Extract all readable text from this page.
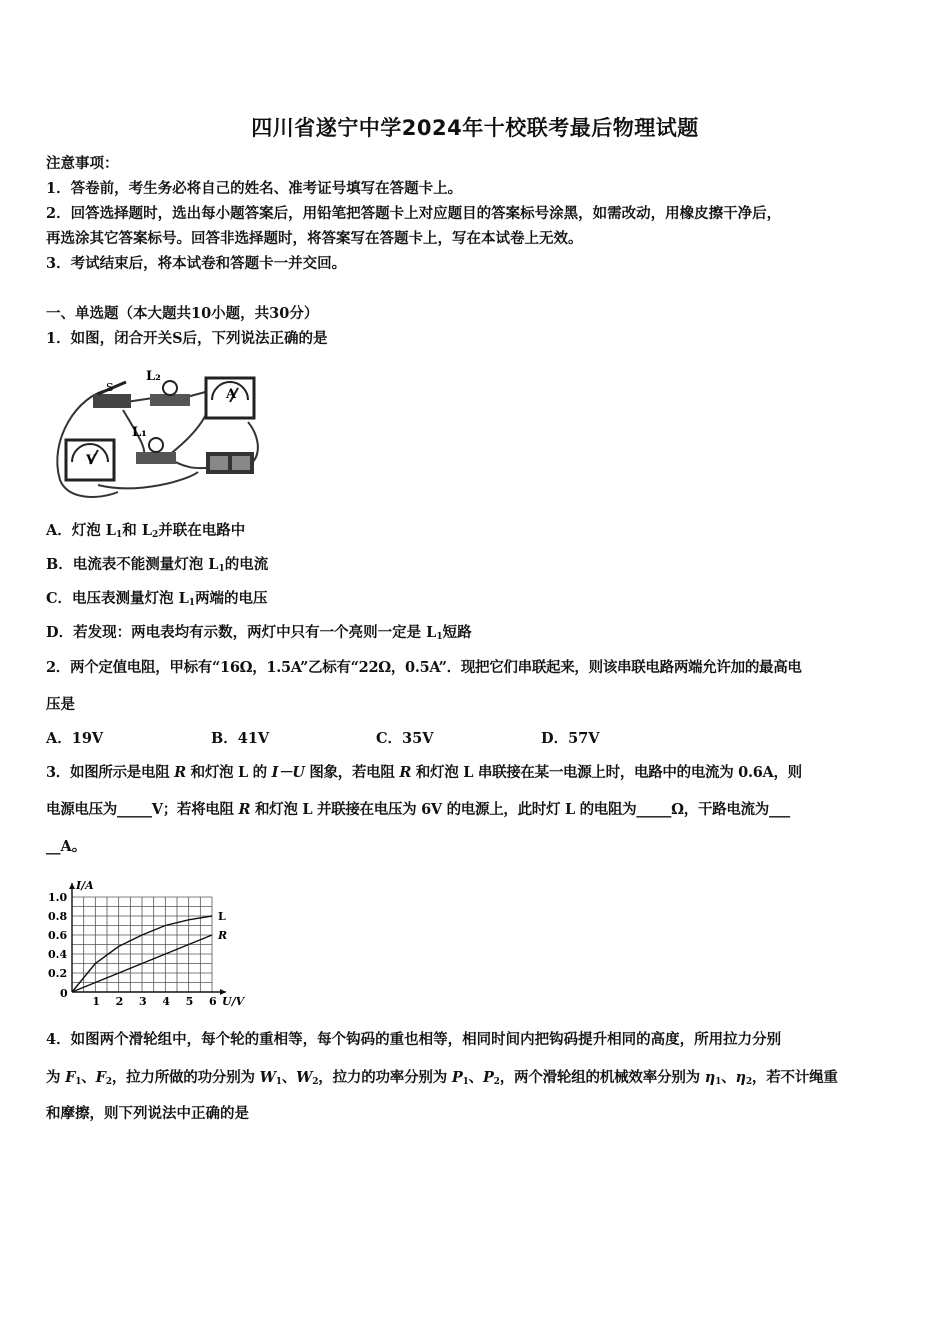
四川省遂宁中学2024年十校联考最后物理试题
注意事项：
1．答卷前，考生务必将自己的姓名、准考证号填写在答题卡上。
2．回答选择题时，选出每小题答案后，用铅笔把答题卡上对应题目的答案标号涂黑，如需改动，用橡皮擦干净后，
再选涂其它答案标号。回答非选择题时，将答案写在答题卡上，写在本试卷上无效。
3．考试结束后，将本试卷和答题卡一并交回。
一、单选题（本大题共10小题，共30分）
1．如图，闭合开关S后，下列说法正确的是
S
L₂
L₁
A
V
A．灯泡 $L_1$和 $L_2$并联在电路中
B．电流表不能测量灯泡 $L_1$的电流
C．电压表测量灯泡 $L_1$两端的电压
D．若发现：两电表均有示数，两灯中只有一个亮则一定是 $L_1$短路
2．两个定值电阻，甲标有“16Ω，1.5A”乙标有“22Ω，0.5A”．现把它们串联起来，则该串联电路两端允许加的最高电
压是
A．19V	B．41V	C．35V	D．57V
3．如图所示是电阻 R 和灯泡 L 的 I－U 图象，若电阻 R 和灯泡 L 串联接在某一电源上时，电路中的电流为 0.6A，则
电源电压为_____V；若将电阻 R 和灯泡 L 并联接在电压为 6V 的电源上，此时灯 L 的电阻为_____Ω，干路电流为___
__A。
1 2 3 4 5 6
0.2
0.4
0.6
0.8
1.0
0
U/V
I/A
L
R
4．如图两个滑轮组中，每个轮的重相等，每个钩码的重也相等，相同时间内把钩码提升相同的高度，所用拉力分别
为 $F_1$、$F_2$，拉力所做的功分别为 $W_1$、$W_2$，拉力的功率分别为 $P_1$、$P_2$，两个滑轮组的机械效率分别为 $\eta_1$、$\eta_2$，若不计绳重
和摩擦，则下列说法中正确的是
